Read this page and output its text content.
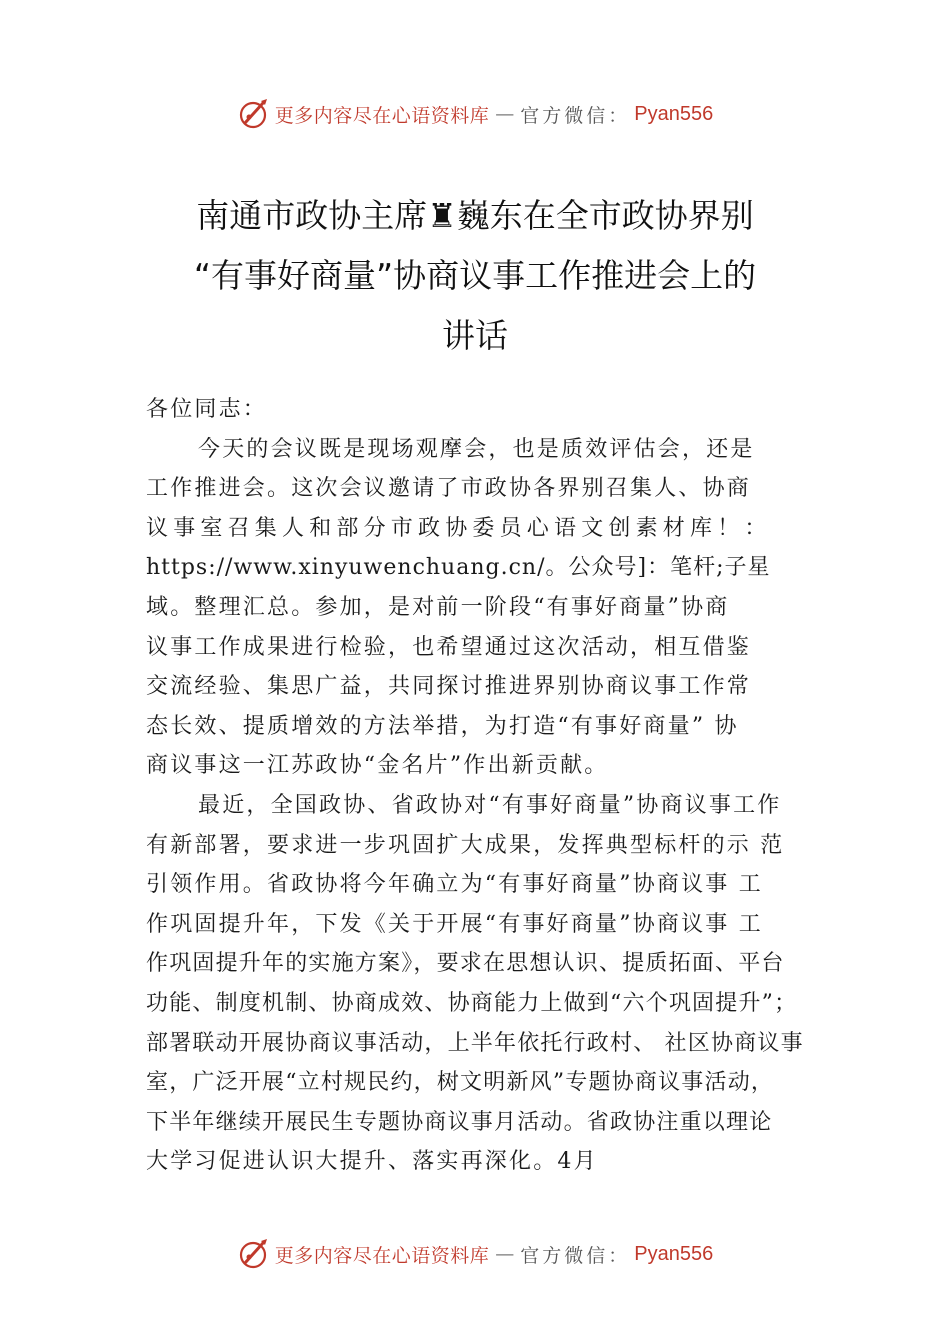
更多内容尽在心语资料库 — 官方微信： Pyan556
南通市政协主席♜巍东在全市政协界别
“有事好商量”协商议事工作推进会上的
讲话
各位同志：
今天的会议既是现场观摩会，也是质效评估会，还是
工作推进会。这次会议邀请了市政协各界别召集人、协商
议事室召集人和部分市政协委员心语文创素材库！：
https://www.xinyuwenchuang.cn/。公众号]：笔杆;子星
域。整理汇总。参加，是对前一阶段“有事好商量”协商
议事工作成果进行检验，也希望通过这次活动，相互借鉴
交流经验、集思广益，共同探讨推进界别协商议事工作常
态长效、提质增效的方法举措，为打造“有事好商量” 协
商议事这一江苏政协“金名片”作出新贡献。
最近，全国政协、省政协对“有事好商量”协商议事工作
有新部署，要求进一步巩固扩大成果，发挥典型标杆的示 范
引领作用。省政协将今年确立为“有事好商量”协商议事 工
作巩固提升年，下发《关于开展“有事好商量”协商议事 工
作巩固提升年的实施方案》，要求在思想认识、提质拓面、平台
功能、制度机制、协商成效、协商能力上做到“六个巩固提升”；
部署联动开展协商议事活动，上半年依托行政村、 社区协商议事
室，广泛开展“立村规民约，树文明新风”专题协商议事活动，
下半年继续开展民生专题协商议事月活动。省政协注重以理论
大学习促进认识大提升、落实再深化。4月
更多内容尽在心语资料库 — 官方微信： Pyan556
